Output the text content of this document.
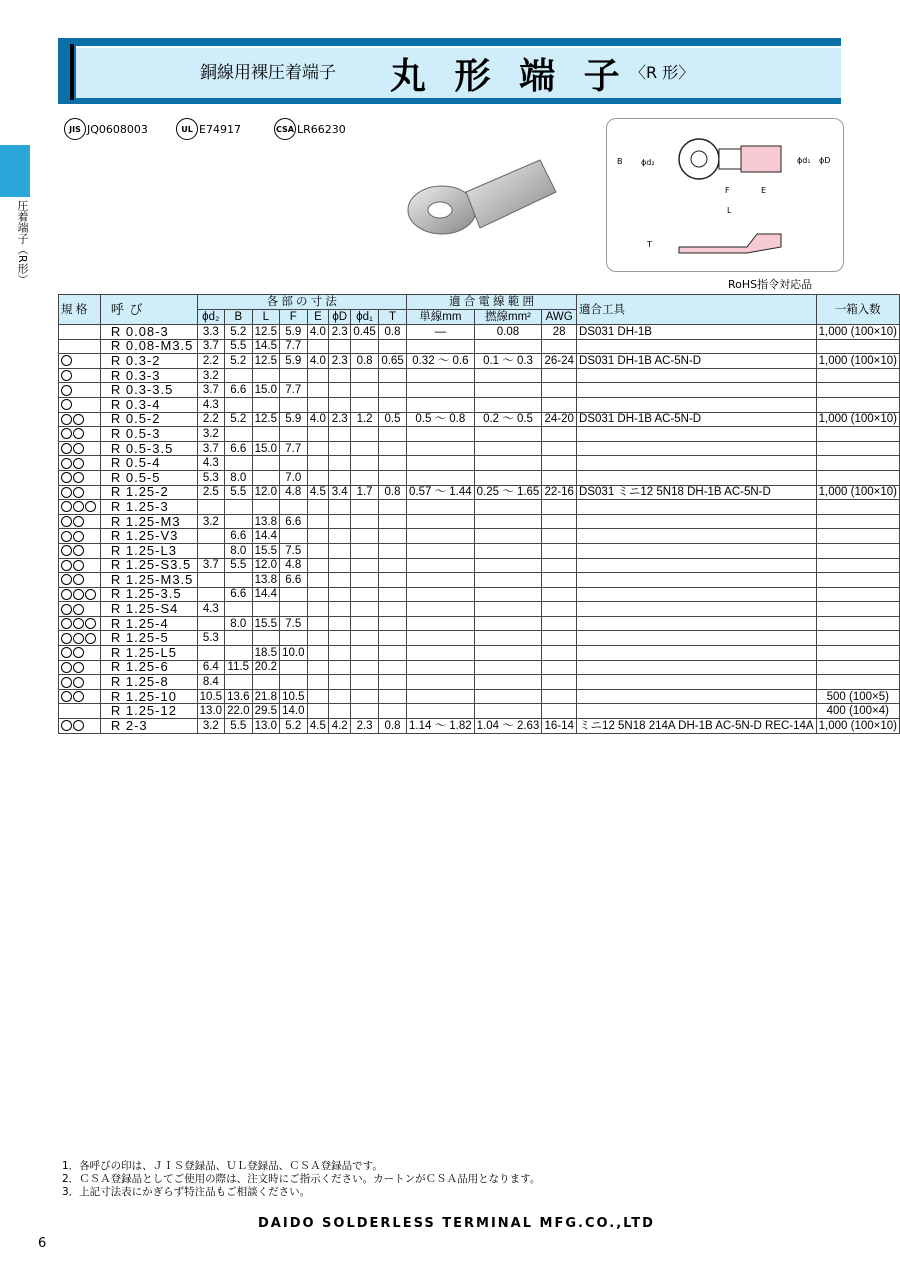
銅線用裸圧着端子 丸 形 端 子 〈R 形〉
圧着端子（R形）
JIS JQ0608003	UL E74917	CSA LR66230
B ϕd₂	ϕd₁ ϕD
F	E
L
T
RoHS指令対応品
規 格	呼 び	各 部 の 寸 法								適 合 電 線 範 囲			適合工具	一箱入数
		ϕd₂	B	L	F	E	ϕD	ϕd₁	T	単線mm	撚線mm²	AWG		
	R 0.08-3	3.3	5.2	12.5	5.9	4.0	2.3	0.45	0.8	—	0.08	28	DS031 DH-1B	1,000 (100×10)
	R 0.08-M3.5	3.7	5.5	14.5	7.7									
	R 0.3-2	2.2	5.2	12.5	5.9	4.0	2.3	0.8	0.65	0.32 〜 0.6	0.1 〜 0.3	26-24	DS031 DH-1B AC-5N-D	1,000 (100×10)
	R 0.3-3	3.2												
	R 0.3-3.5	3.7	6.6	15.0	7.7									
	R 0.3-4	4.3												
	R 0.5-2	2.2	5.2	12.5	5.9	4.0	2.3	1.2	0.5	0.5 〜 0.8	0.2 〜 0.5	24-20	DS031 DH-1B AC-5N-D	1,000 (100×10)
	R 0.5-3	3.2												
	R 0.5-3.5	3.7	6.6	15.0	7.7									
	R 0.5-4	4.3												
	R 0.5-5	5.3	8.0		7.0									
	R 1.25-2	2.5	5.5	12.0	4.8	4.5	3.4	1.7	0.8	0.57 〜 1.44	0.25 〜 1.65	22-16	DS031 ミニ12 5N18 DH-1B AC-5N-D	1,000 (100×10)
	R 1.25-3													
	R 1.25-M3	3.2		13.8	6.6									
	R 1.25-V3		6.6	14.4										
	R 1.25-L3		8.0	15.5	7.5									
	R 1.25-S3.5	3.7	5.5	12.0	4.8									
	R 1.25-M3.5			13.8	6.6									
	R 1.25-3.5		6.6	14.4										
	R 1.25-S4	4.3												
	R 1.25-4		8.0	15.5	7.5									
	R 1.25-5	5.3												
	R 1.25-L5			18.5	10.0									
	R 1.25-6	6.4	11.5	20.2										
	R 1.25-8	8.4												
	R 1.25-10	10.5	13.6	21.8	10.5									500 (100×5)
	R 1.25-12	13.0	22.0	29.5	14.0									400 (100×4)
	R 2-3	3.2	5.5	13.0	5.2	4.5	4.2	2.3	0.8	1.14 〜 1.82	1.04 〜 2.63	16-14	ミニ12 5N18 214A DH-1B AC-5N-D REC-14A	1,000 (100×10)
1．各呼びの印は、ＪＩＳ登録品、ＵＬ登録品、ＣＳＡ登録品です。
2．ＣＳＡ登録品としてご使用の際は、注文時にご指示ください。カートンがＣＳＡ品用となります。
3．上記寸法表にかぎらず特注品もご相談ください。
DAIDO SOLDERLESS TERMINAL MFG.CO.,LTD
6
